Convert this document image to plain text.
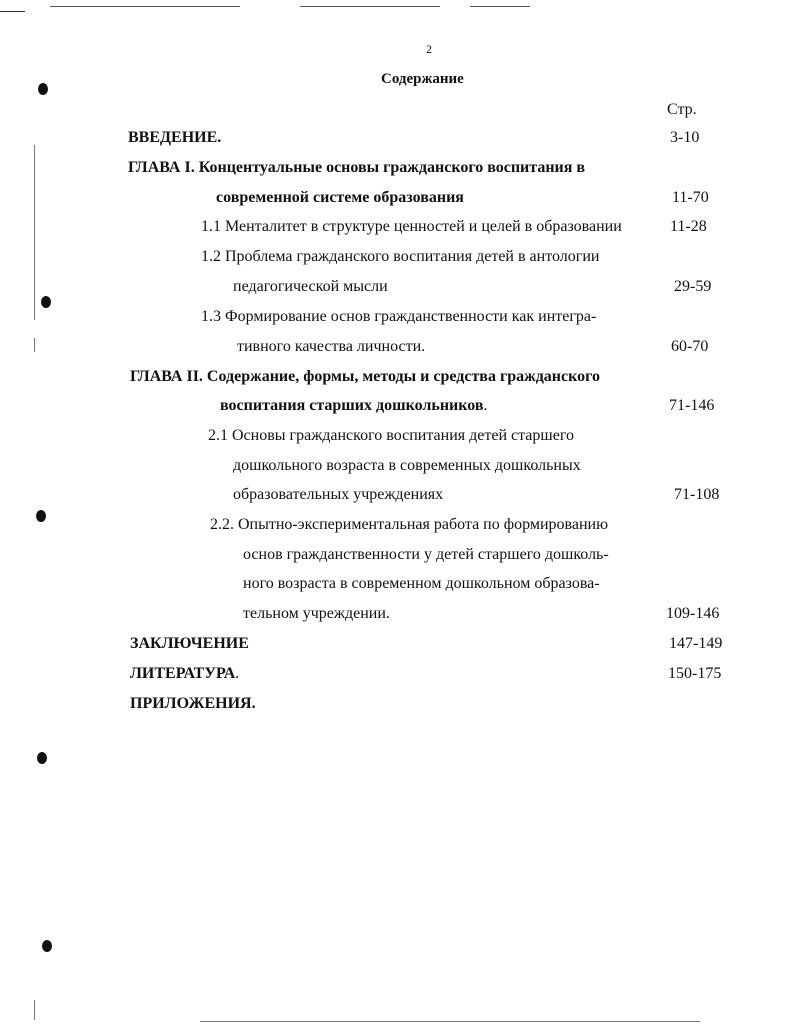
2
Содержание
Стр.
ВВЕДЕНИЕ.	3-10
ГЛАВА I. Концентуальные основы гражданского воспитания в
современной системе образования	11-70
1.1 Менталитет в структуре ценностей и целей в образовании	11-28
1.2 Проблема гражданского воспитания детей в антологии
педагогической мысли	29-59
1.3 Формирование основ гражданственности как интегра-
тивного качества личности.	60-70
ГЛАВА II. Содержание, формы, методы и средства гражданского
воспитания старших дошкольников.	71-146
2.1 Основы гражданского воспитания детей старшего
дошкольного возраста в современных дошкольных
образовательных учреждениях	71-108
2.2. Опытно-экспериментальная работа по формированию
основ гражданственности у детей старшего дошколь-
ного возраста в современном дошкольном образова-
тельном учреждении.	109-146
ЗАКЛЮЧЕНИЕ	147-149
ЛИТЕРАТУРА.	150-175
ПРИЛОЖЕНИЯ.
